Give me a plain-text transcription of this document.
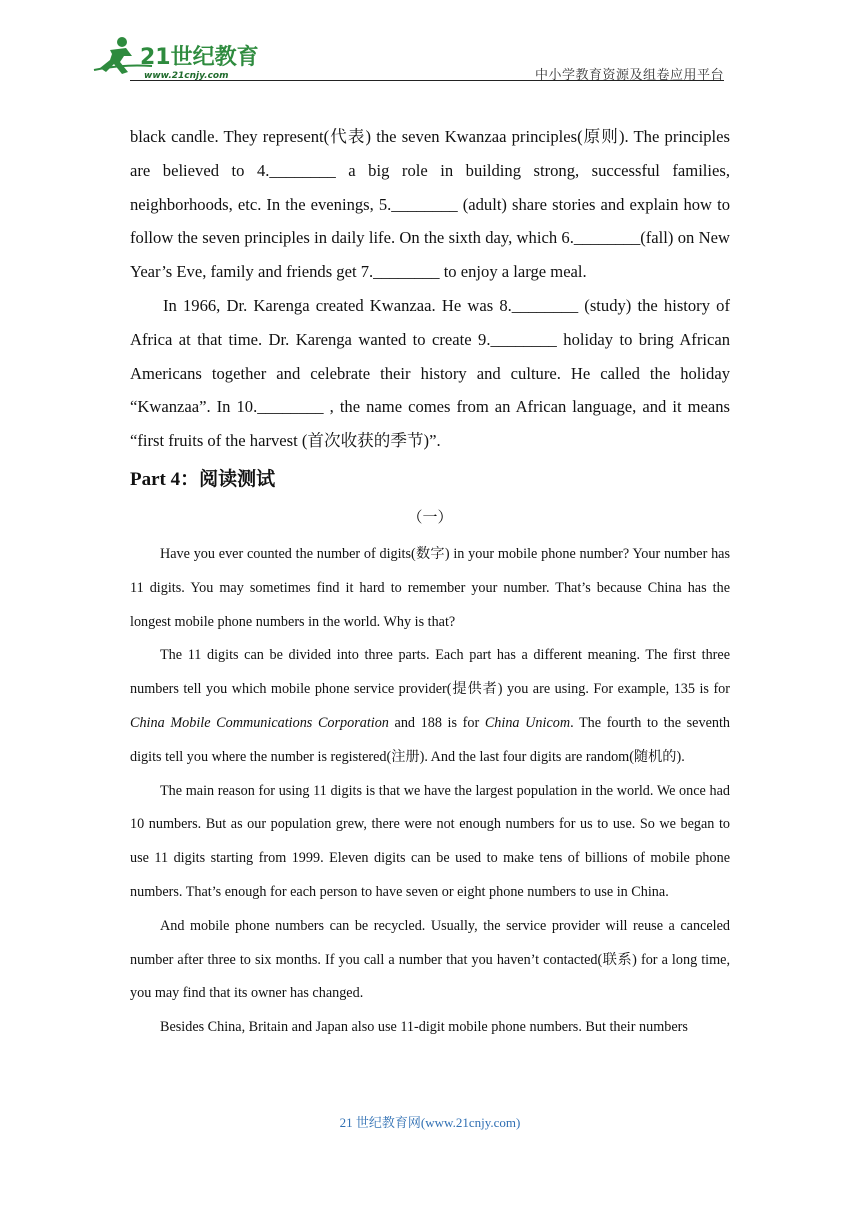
21世纪教育
www.21cnjy.com	中小学教育资源及组卷应用平台

black candle. They represent(代表) the seven Kwanzaa principles(原则). The principles are believed to 4.________ a big role in building strong, successful families, neighborhoods, etc. In the evenings, 5.________ (adult) share stories and explain how to follow the seven principles in daily life. On the sixth day, which 6.________(fall) on New Year’s Eve, family and friends get 7.________ to enjoy a large meal.

In 1966, Dr. Karenga created Kwanzaa. He was 8.________ (study) the history of Africa at that time. Dr. Karenga wanted to create 9.________ holiday to bring African Americans together and celebrate their history and culture. He called the holiday “Kwanzaa”. In 10.________ , the name comes from an African language, and it means “first fruits of the harvest (首次收获的季节)”.

Part 4：阅读测试
（一）

Have you ever counted the number of digits(数字) in your mobile phone number? Your number has 11 digits. You may sometimes find it hard to remember your number. That’s because China has the longest mobile phone numbers in the world. Why is that?

The 11 digits can be divided into three parts. Each part has a different meaning. The first three numbers tell you which mobile phone service provider(提供者) you are using. For example, 135 is for China Mobile Communications Corporation and 188 is for China Unicom. The fourth to the seventh digits tell you where the number is registered(注册). And the last four digits are random(随机的).

The main reason for using 11 digits is that we have the largest population in the world. We once had 10 numbers. But as our population grew, there were not enough numbers for us to use. So we began to use 11 digits starting from 1999. Eleven digits can be used to make tens of billions of mobile phone numbers. That’s enough for each person to have seven or eight phone numbers to use in China.

And mobile phone numbers can be recycled. Usually, the service provider will reuse a canceled number after three to six months. If you call a number that you haven’t contacted(联系) for a long time, you may find that its owner has changed.

Besides China, Britain and Japan also use 11-digit mobile phone numbers. But their numbers

21 世纪教育网(www.21cnjy.com)
